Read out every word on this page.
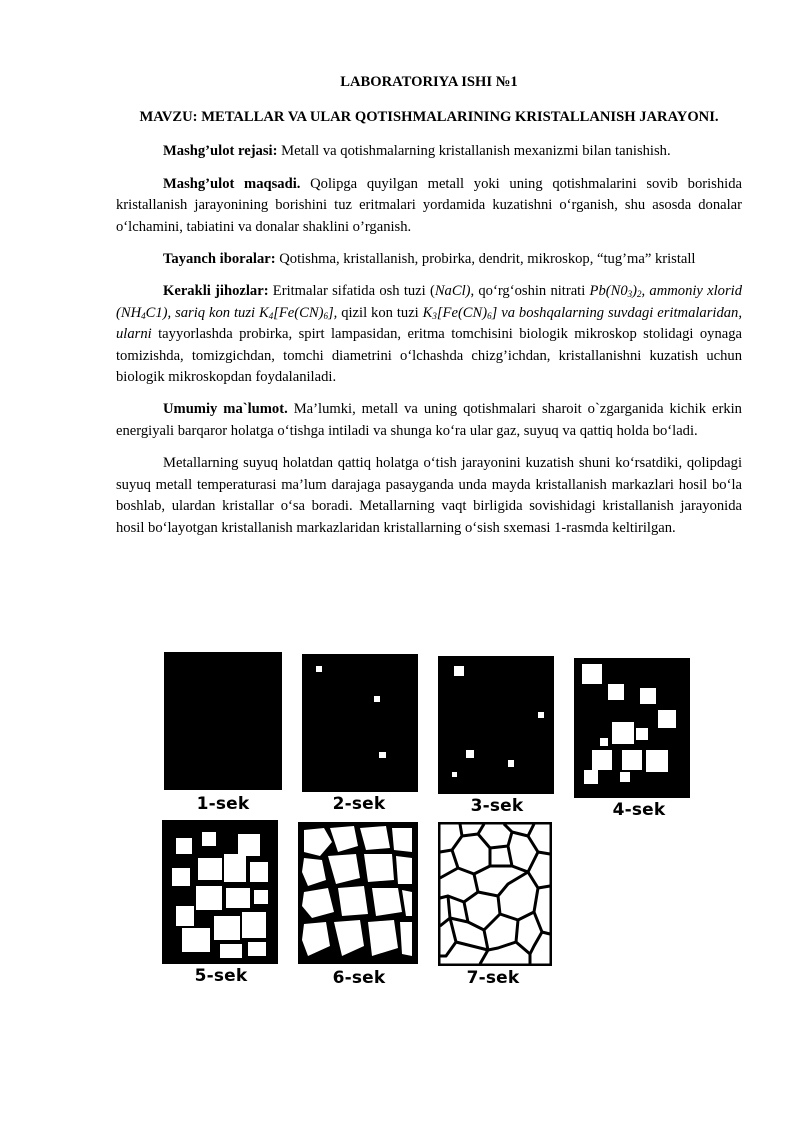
LABORATORIYA ISHI №1
MAVZU: METALLAR VA ULAR QOTISHMALARINING KRISTALLANISH JARAYONI.

Mashg’ulot rejasi: Metall va qotishmalarning kristallanish mexanizmi bilan tanishish.

Mashg’ulot maqsadi. Qolipga quyilgan metall yoki uning qotishmalarini sovib borishida kristallanish jarayonining borishini tuz eritmalari yordamida kuzatishni o‘rganish, shu asosda donalar o‘lchamini, tabiatini va donalar shaklini o’rganish.

Tayanch iboralar: Qotishma, kristallanish, probirka, dendrit, mikroskop, “tug’ma” kristall

Kerakli jihozlar: Eritmalar sifatida osh tuzi (NaCl), qo‘rg‘oshin nitrati $Pb(N0_3)_2$, ammoniy xlorid $(NH_4C1)$, sariq kon tuzi $K_4[Fe(CN)_6]$, qizil kon tuzi $K_3[Fe(CN)_6]$ va boshqalarning suvdagi eritmalaridan, ularni tayyorlashda probirka, spirt lampasidan, eritma tomchisini biologik mikroskop stolidagi oynaga tomizishda, tomizgichdan, tomchi diametrini o‘lchashda chizg’ichdan, kristallanishni kuzatish uchun biologik mikroskopdan foydalaniladi.

Umumiy ma`lumot. Ma’lumki, metall va uning qotishmalari sharoit o`zgarganida kichik erkin energiyali barqaror holatga o‘tishga intiladi va shunga ko‘ra ular gaz, suyuq va qattiq holda bo‘ladi.

Metallarning suyuq holatdan qattiq holatga o‘tish jarayonini kuzatish shuni ko‘rsatdiki, qolipdagi suyuq metall temperaturasi ma’lum darajaga pasayganda unda mayda kristallanish markazlari hosil bo‘la boshlab, ulardan kristallar o‘sa boradi. Metallarning vaqt birligida sovishidagi kristallanish jarayonida hosil bo‘layotgan kristallanish markazlaridan kristallarning o‘sish sxemasi 1-rasmda keltirilgan.

1-sek	2-sek	3-sek	4-sek
5-sek	6-sek	7-sek
